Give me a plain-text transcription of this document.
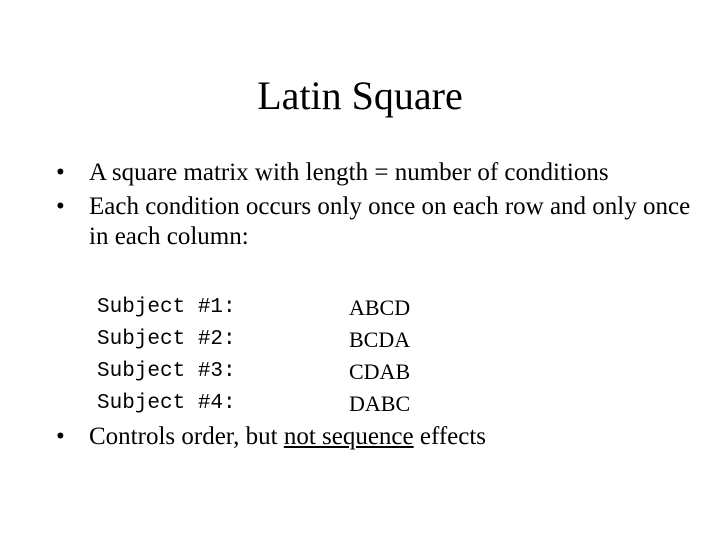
Latin Square
• A square matrix with length = number of conditions
• Each condition occurs only once on each row and only once in each column:

Subject #1:

	ABCD

Subject #2:

	BCDA

Subject #3:

	CDAB

Subject #4:

	DABC

• Controls order, but not sequence effects
